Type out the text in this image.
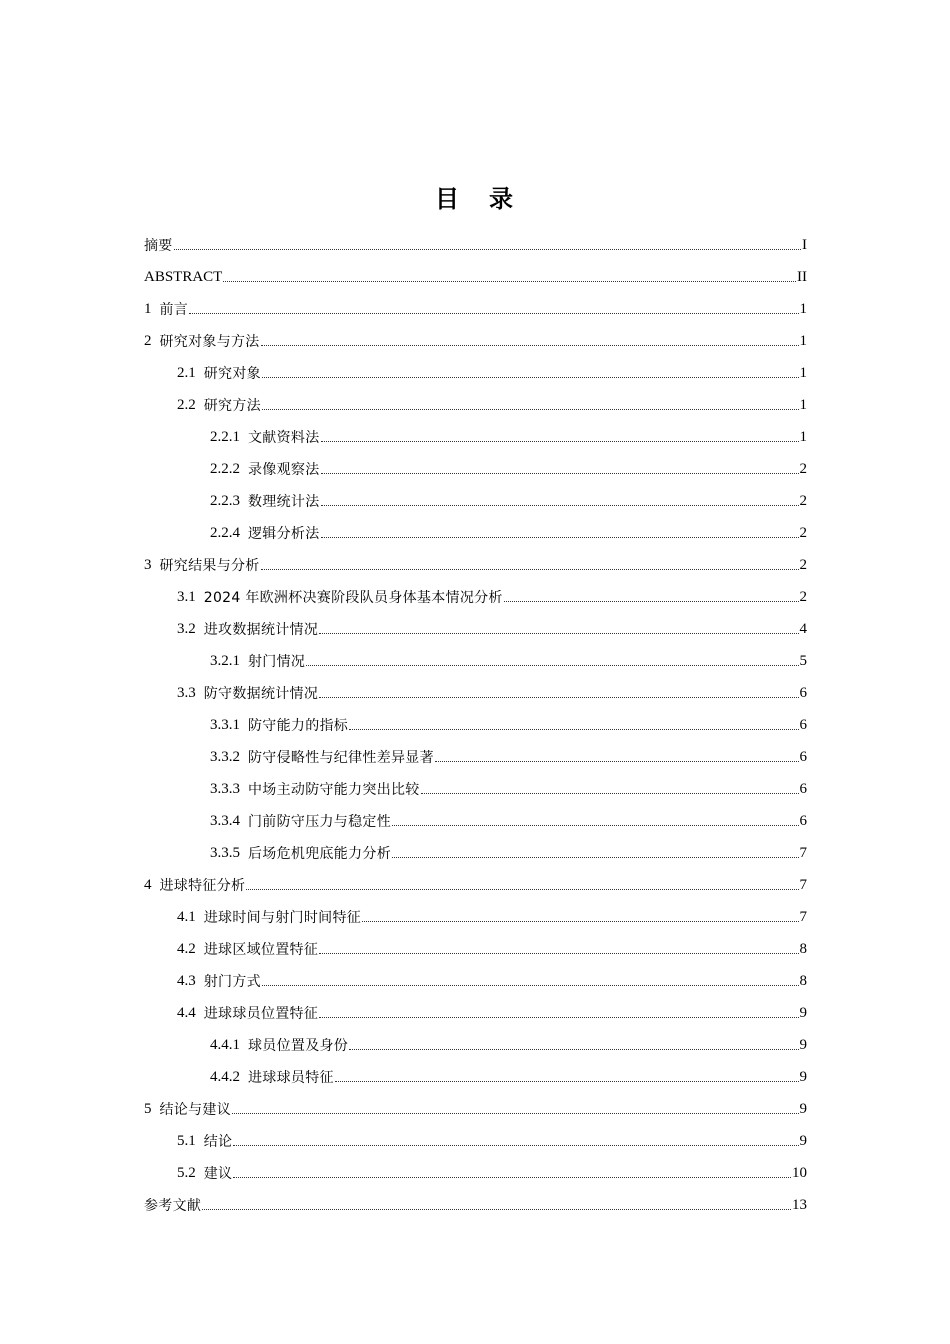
目 录
摘要	I
ABSTRACT	II
1 前言	1
2 研究对象与方法	1
2.1 研究对象	1
2.2 研究方法	1
2.2.1 文献资料法	1
2.2.2 录像观察法	2
2.2.3 数理统计法	2
2.2.4 逻辑分析法	2
3 研究结果与分析	2
3.1 2024 年欧洲杯决赛阶段队员身体基本情况分析	2
3.2 进攻数据统计情况	4
3.2.1 射门情况	5
3.3 防守数据统计情况	6
3.3.1 防守能力的指标	6
3.3.2 防守侵略性与纪律性差异显著	6
3.3.3 中场主动防守能力突出比较	6
3.3.4 门前防守压力与稳定性	6
3.3.5 后场危机兜底能力分析	7
4 进球特征分析	7
4.1 进球时间与射门时间特征	7
4.2 进球区域位置特征	8
4.3 射门方式	8
4.4 进球球员位置特征	9
4.4.1 球员位置及身份	9
4.4.2 进球球员特征	9
5 结论与建议	9
5.1 结论	9
5.2 建议	10
参考文献	13
